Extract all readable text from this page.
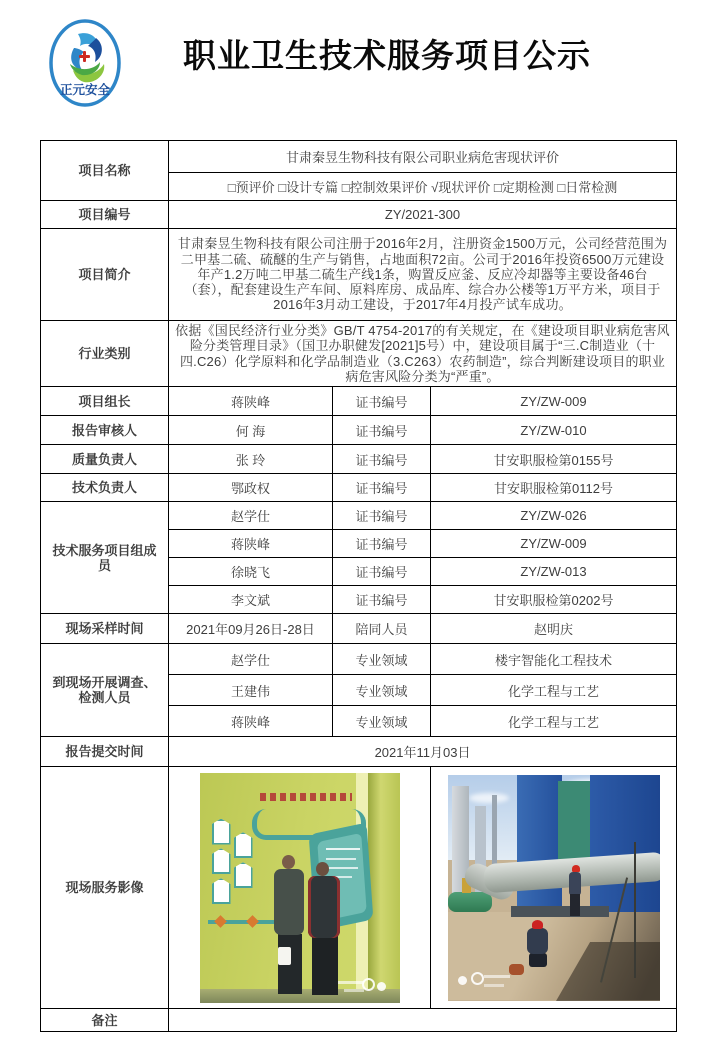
正元安全
职业卫生技术服务项目公示
项目名称	甘肃秦昱生物科技有限公司职业病危害现状评价		
	□预评价 □设计专篇 □控制效果评价 √现状评价 □定期检测 □日常检测		
项目编号	ZY/2021-300		
项目简介	甘肃秦昱生物科技有限公司注册于2016年2月，注册资金1500万元，公司经营范围为二甲基二硫、硫醚的生产与销售，占地面积72亩。公司于2016年投资6500万元建设年产1.2万吨二甲基二硫生产线1条，购置反应釜、反应冷却器等主要设备46台（套），配套建设生产车间、原料库房、成品库、综合办公楼等1万平方米，项目于2016年3月动工建设，于2017年4月投产试车成功。		
行业类别	依据《国民经济行业分类》GB/T 4754-2017的有关规定，在《建设项目职业病危害风险分类管理目录》（国卫办职健发[2021]5号）中，建设项目属于“三.C制造业（十四.C26）化学原料和化学品制造业（3.C263）农药制造”，综合判断建设项目的职业病危害风险分类为“严重”。		
项目组长	蒋陕峰	证书编号	ZY/ZW-009
报告审核人	何 海	证书编号	ZY/ZW-010
质量负责人	张 玲	证书编号	甘安职服检第0155号
技术负责人	鄂政权	证书编号	甘安职服检第0112号
技术服务项目组成员	赵学仕	证书编号	ZY/ZW-026
	蒋陕峰	证书编号	ZY/ZW-009
	徐晓飞	证书编号	ZY/ZW-013
	李文斌	证书编号	甘安职服检第0202号
现场采样时间	2021年09月26日-28日	陪同人员	赵明庆
到现场开展调查、检测人员	赵学仕	专业领域	楼宇智能化工程技术
	王建伟	专业领域	化学工程与工艺
	蒋陕峰	专业领域	化学工程与工艺
报告提交时间	2021年11月03日		
现场服务影像		

备注			
